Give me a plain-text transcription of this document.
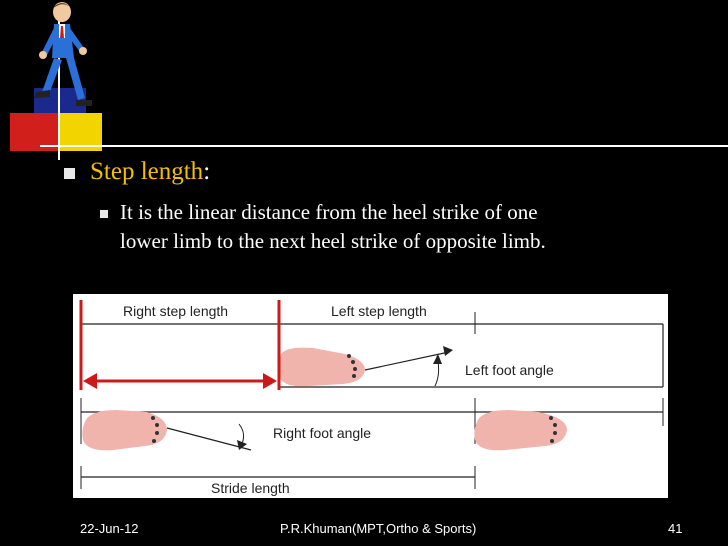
Step length:
It is the linear distance from the heel strike of one
lower limb to the next heel strike of opposite limb.
Right step length	Left step length
Left foot angle
Right foot angle
Stride length
22-Jun-12	P.R.Khuman(MPT,Ortho & Sports)	41
